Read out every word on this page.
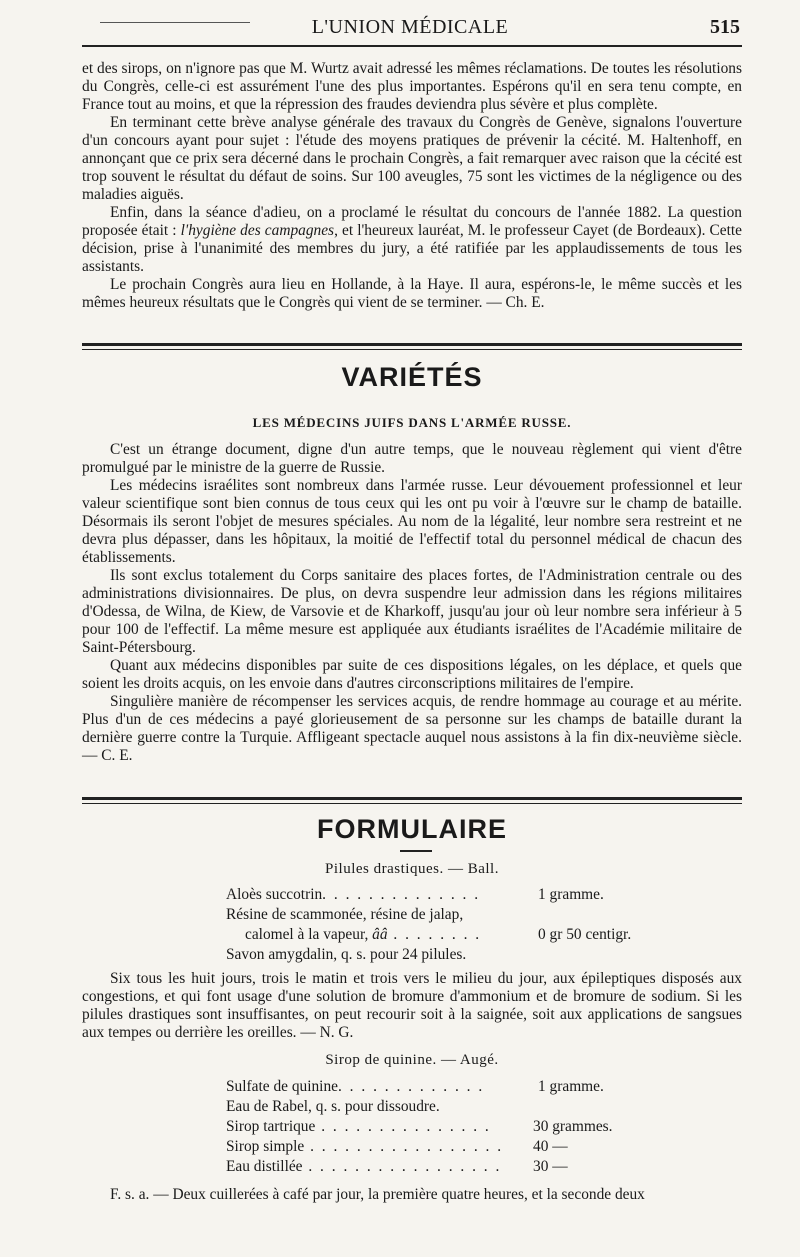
L'UNION MÉDICALE	515

et des sirops, on n'ignore pas que M. Wurtz avait adressé les mêmes réclamations. De toutes les résolutions du Congrès, celle-ci est assurément l'une des plus importantes. Espérons qu'il en sera tenu compte, en France tout au moins, et que la répression des fraudes deviendra plus sévère et plus complète.

En terminant cette brève analyse générale des travaux du Congrès de Genève, signalons l'ouverture d'un concours ayant pour sujet : l'étude des moyens pratiques de prévenir la cécité. M. Haltenhoff, en annonçant que ce prix sera décerné dans le prochain Congrès, a fait remarquer avec raison que la cécité est trop souvent le résultat du défaut de soins. Sur 100 aveugles, 75 sont les victimes de la négligence ou des maladies aiguës.

Enfin, dans la séance d'adieu, on a proclamé le résultat du concours de l'année 1882. La question proposée était : l'hygiène des campagnes, et l'heureux lauréat, M. le professeur Cayet (de Bordeaux). Cette décision, prise à l'unanimité des membres du jury, a été ratifiée par les applaudissements de tous les assistants.

Le prochain Congrès aura lieu en Hollande, à la Haye. Il aura, espérons-le, le même succès et les mêmes heureux résultats que le Congrès qui vient de se terminer. — Ch. E.

VARIÉTÉS
LES MÉDECINS JUIFS DANS L'ARMÉE RUSSE.

C'est un étrange document, digne d'un autre temps, que le nouveau règlement qui vient d'être promulgué par le ministre de la guerre de Russie.

Les médecins israélites sont nombreux dans l'armée russe. Leur dévouement professionnel et leur valeur scientifique sont bien connus de tous ceux qui les ont pu voir à l'œuvre sur le champ de bataille. Désormais ils seront l'objet de mesures spéciales. Au nom de la légalité, leur nombre sera restreint et ne devra plus dépasser, dans les hôpitaux, la moitié de l'effectif total du personnel médical de chacun des établissements.

Ils sont exclus totalement du Corps sanitaire des places fortes, de l'Administration centrale ou des administrations divisionnaires. De plus, on devra suspendre leur admission dans les régions militaires d'Odessa, de Wilna, de Kiew, de Varsovie et de Kharkoff, jusqu'au jour où leur nombre sera inférieur à 5 pour 100 de l'effectif. La même mesure est appliquée aux étudiants israélites de l'Académie militaire de Saint-Pétersbourg.

Quant aux médecins disponibles par suite de ces dispositions légales, on les déplace, et quels que soient les droits acquis, on les envoie dans d'autres circonscriptions militaires de l'empire.

Singulière manière de récompenser les services acquis, de rendre hommage au courage et au mérite. Plus d'un de ces médecins a payé glorieusement de sa personne sur les champs de bataille durant la dernière guerre contre la Turquie. Affligeant spectacle auquel nous assistons à la fin dix-neuvième siècle. — C. E.

FORMULAIRE
Pilules drastiques. — Ball.
Aloès succotrin. . . . . . . . . . . . . .	1 gramme.
Résine de scammonée, résine de jalap,
calomel à la vapeur, ââ . . . . . . . .	0 gr 50 centigr.
Savon amygdalin, q. s. pour 24 pilules.

Six tous les huit jours, trois le matin et trois vers le milieu du jour, aux épileptiques disposés aux congestions, et qui font usage d'une solution de bromure d'ammonium et de bromure de sodium. Si les pilules drastiques sont insuffisantes, on peut recourir soit à la saignée, soit aux applications de sangsues aux tempes ou derrière les oreilles. — N. G.

Sirop de quinine. — Augé.
Sulfate de quinine. . . . . . . . . . . . .	1 gramme.
Eau de Rabel, q. s. pour dissoudre.
Sirop tartrique . . . . . . . . . . . . . . .	30 grammes.
Sirop simple . . . . . . . . . . . . . . . . . 40 —
Eau distillée . . . . . . . . . . . . . . . . . 30 —

F. s. a. — Deux cuillerées à café par jour, la première quatre heures, et la seconde deux
